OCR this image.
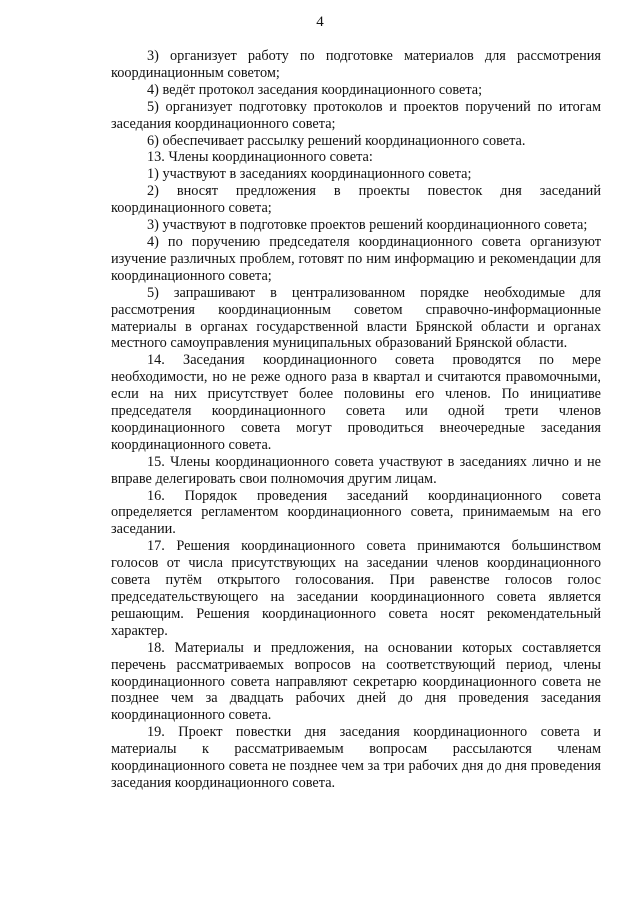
4

3) организует работу по подготовке материалов для рассмотрения координационным советом;

4) ведёт протокол заседания координационного совета;

5) организует подготовку протоколов и проектов поручений по итогам заседания координационного совета;

6) обеспечивает рассылку решений координационного совета.

13. Члены координационного совета:

1) участвуют в заседаниях координационного совета;

2) вносят предложения в проекты повесток дня заседаний координационного совета;

3) участвуют в подготовке проектов решений координационного совета;

4) по поручению председателя координационного совета организуют изучение различных проблем, готовят по ним информацию и рекомендации для координационного совета;

5) запрашивают в централизованном порядке необходимые для рассмотрения координационным советом справочно-информационные материалы в органах государственной власти Брянской области и органах местного самоуправления муниципальных образований Брянской области.

14. Заседания координационного совета проводятся по мере необходимости, но не реже одного раза в квартал и считаются правомочными, если на них присутствует более половины его членов. По инициативе председателя координационного совета или одной трети членов координационного совета могут проводиться внеочередные заседания координационного совета.

15. Члены координационного совета участвуют в заседаниях лично и не вправе делегировать свои полномочия другим лицам.

16. Порядок проведения заседаний координационного совета определяется регламентом координационного совета, принимаемым на его заседании.

17. Решения координационного совета принимаются большинством голосов от числа присутствующих на заседании членов координационного совета путём открытого голосования. При равенстве голосов голос председательствующего на заседании координационного совета является решающим. Решения координационного совета носят рекомендательный характер.

18. Материалы и предложения, на основании которых составляется перечень рассматриваемых вопросов на соответствующий период, члены координационного совета направляют секретарю координационного совета не позднее чем за двадцать рабочих дней до дня проведения заседания координационного совета.

19. Проект повестки дня заседания координационного совета и материалы к рассматриваемым вопросам рассылаются членам координационного совета не позднее чем за три рабочих дня до дня проведения заседания координационного совета.
